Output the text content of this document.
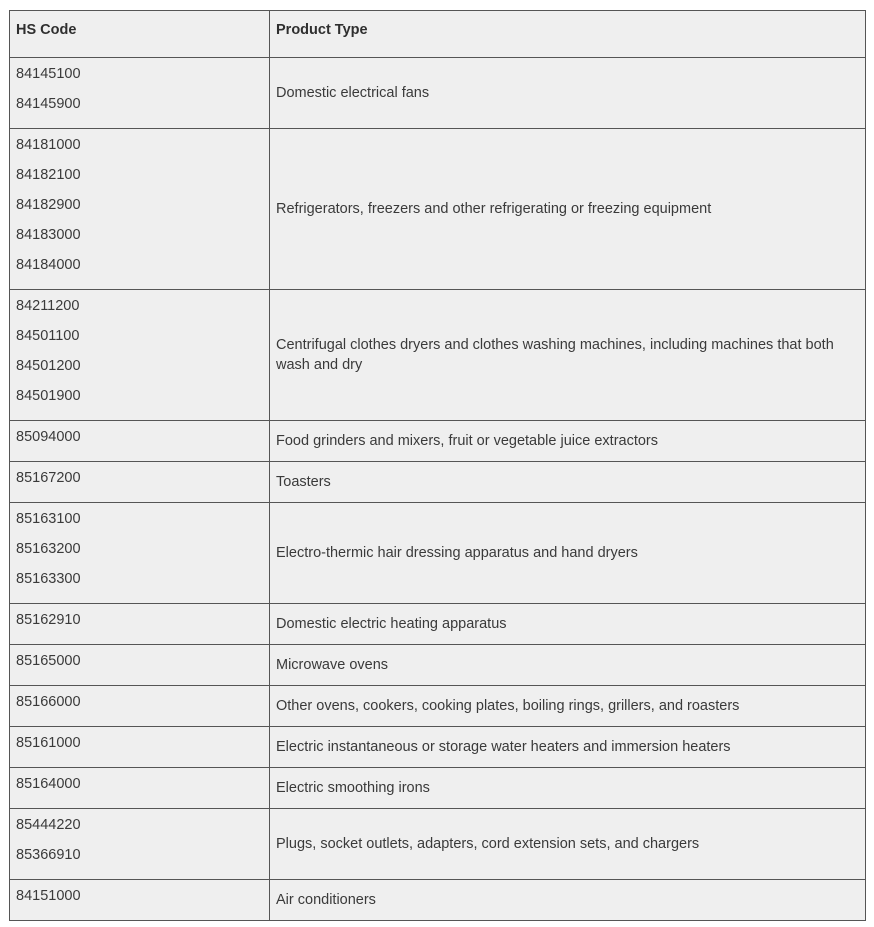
HS Code	Product Type

84145100
84145900	Domestic electrical fans

84181000
84182100
84182900
84183000
84184000	Refrigerators, freezers and other refrigerating or freezing equipment

84211200
84501100
84501200
84501900	Centrifugal clothes dryers and clothes washing machines, including machines that both wash and dry

85094000	Food grinders and mixers, fruit or vegetable juice extractors

85167200	Toasters

85163100
85163200
85163300	Electro-thermic hair dressing apparatus and hand dryers

85162910	Domestic electric heating apparatus

85165000	Microwave ovens

85166000	Other ovens, cookers, cooking plates, boiling rings, grillers, and roasters

85161000	Electric instantaneous or storage water heaters and immersion heaters

85164000	Electric smoothing irons

85444220
85366910	Plugs, socket outlets, adapters, cord extension sets, and chargers

84151000	Air conditioners
